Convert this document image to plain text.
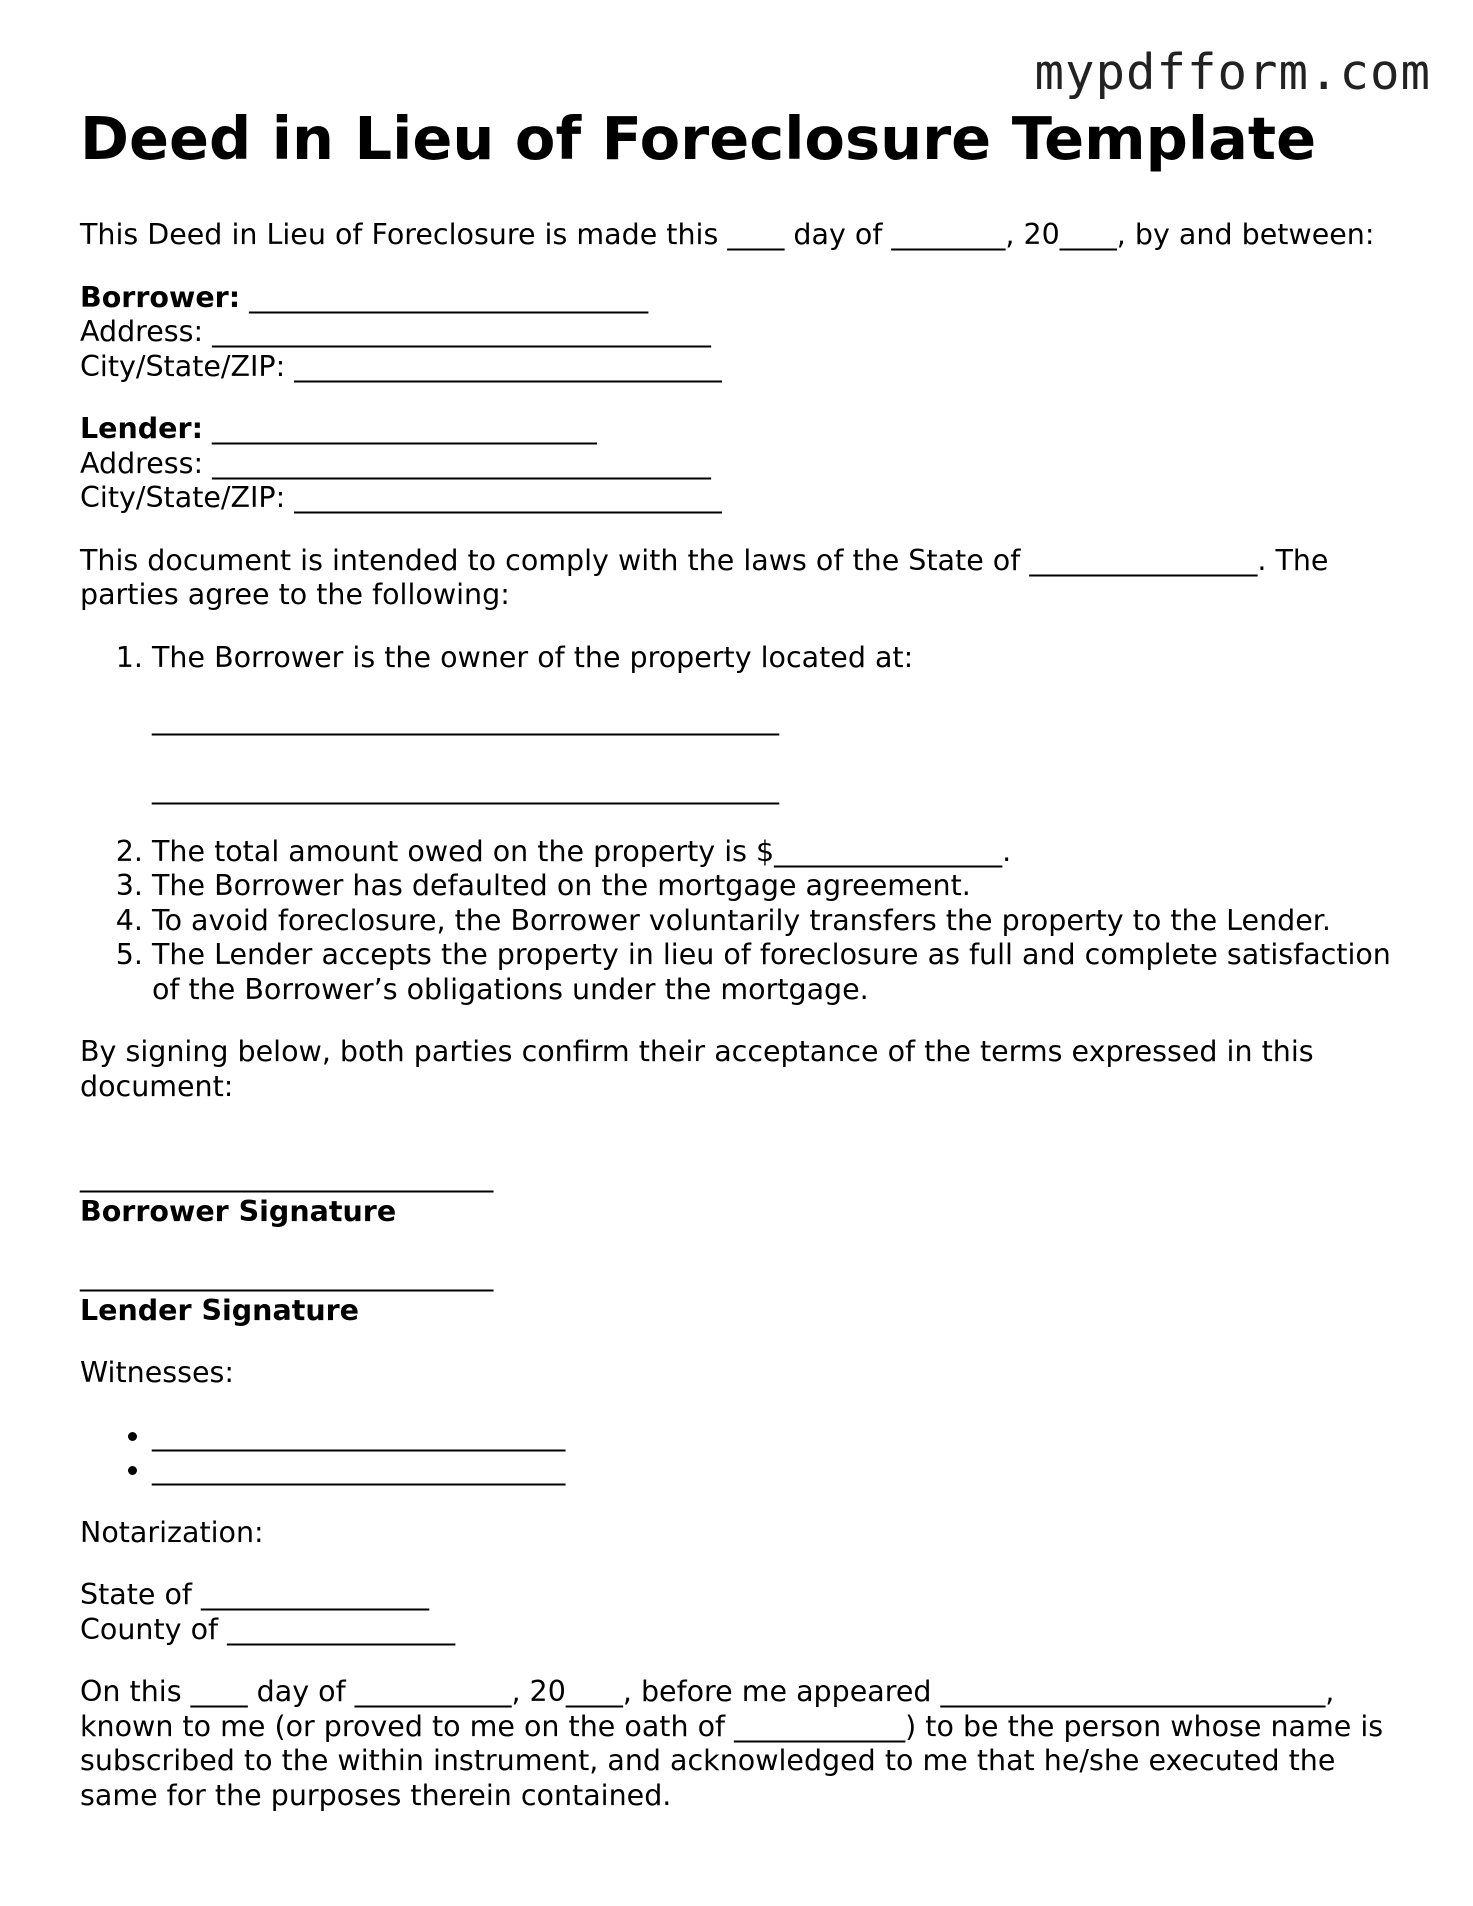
mypdfform.com
Deed in Lieu of Foreclosure Template

This Deed in Lieu of Foreclosure is made this ____ day of ________, 20____, by and between:

Borrower: ____________________________
Address: ___________________________________
City/State/ZIP: ______________________________
Lender: ___________________________
Address: ___________________________________
City/State/ZIP: ______________________________

This document is intended to comply with the laws of the State of ________________. The parties agree to the following:

1. The Borrower is the owner of the property located at:
____________________________________________
____________________________________________
2. The total amount owed on the property is $________________.
3. The Borrower has defaulted on the mortgage agreement.
4. To avoid foreclosure, the Borrower voluntarily transfers the property to the Lender.
5. The Lender accepts the property in lieu of foreclosure as full and complete satisfaction of the Borrower’s obligations under the mortgage.

By signing below, both parties confirm their acceptance of the terms expressed in this document:

_____________________________
Borrower Signature
_____________________________
Lender Signature

Witnesses:

• _____________________________
• _____________________________

Notarization:

State of ________________
County of ________________

On this ____ day of ___________, 20____, before me appeared ___________________________, known to me (or proved to me on the oath of ____________) to be the person whose name is subscribed to the within instrument, and acknowledged to me that he/she executed the same for the purposes therein contained.
